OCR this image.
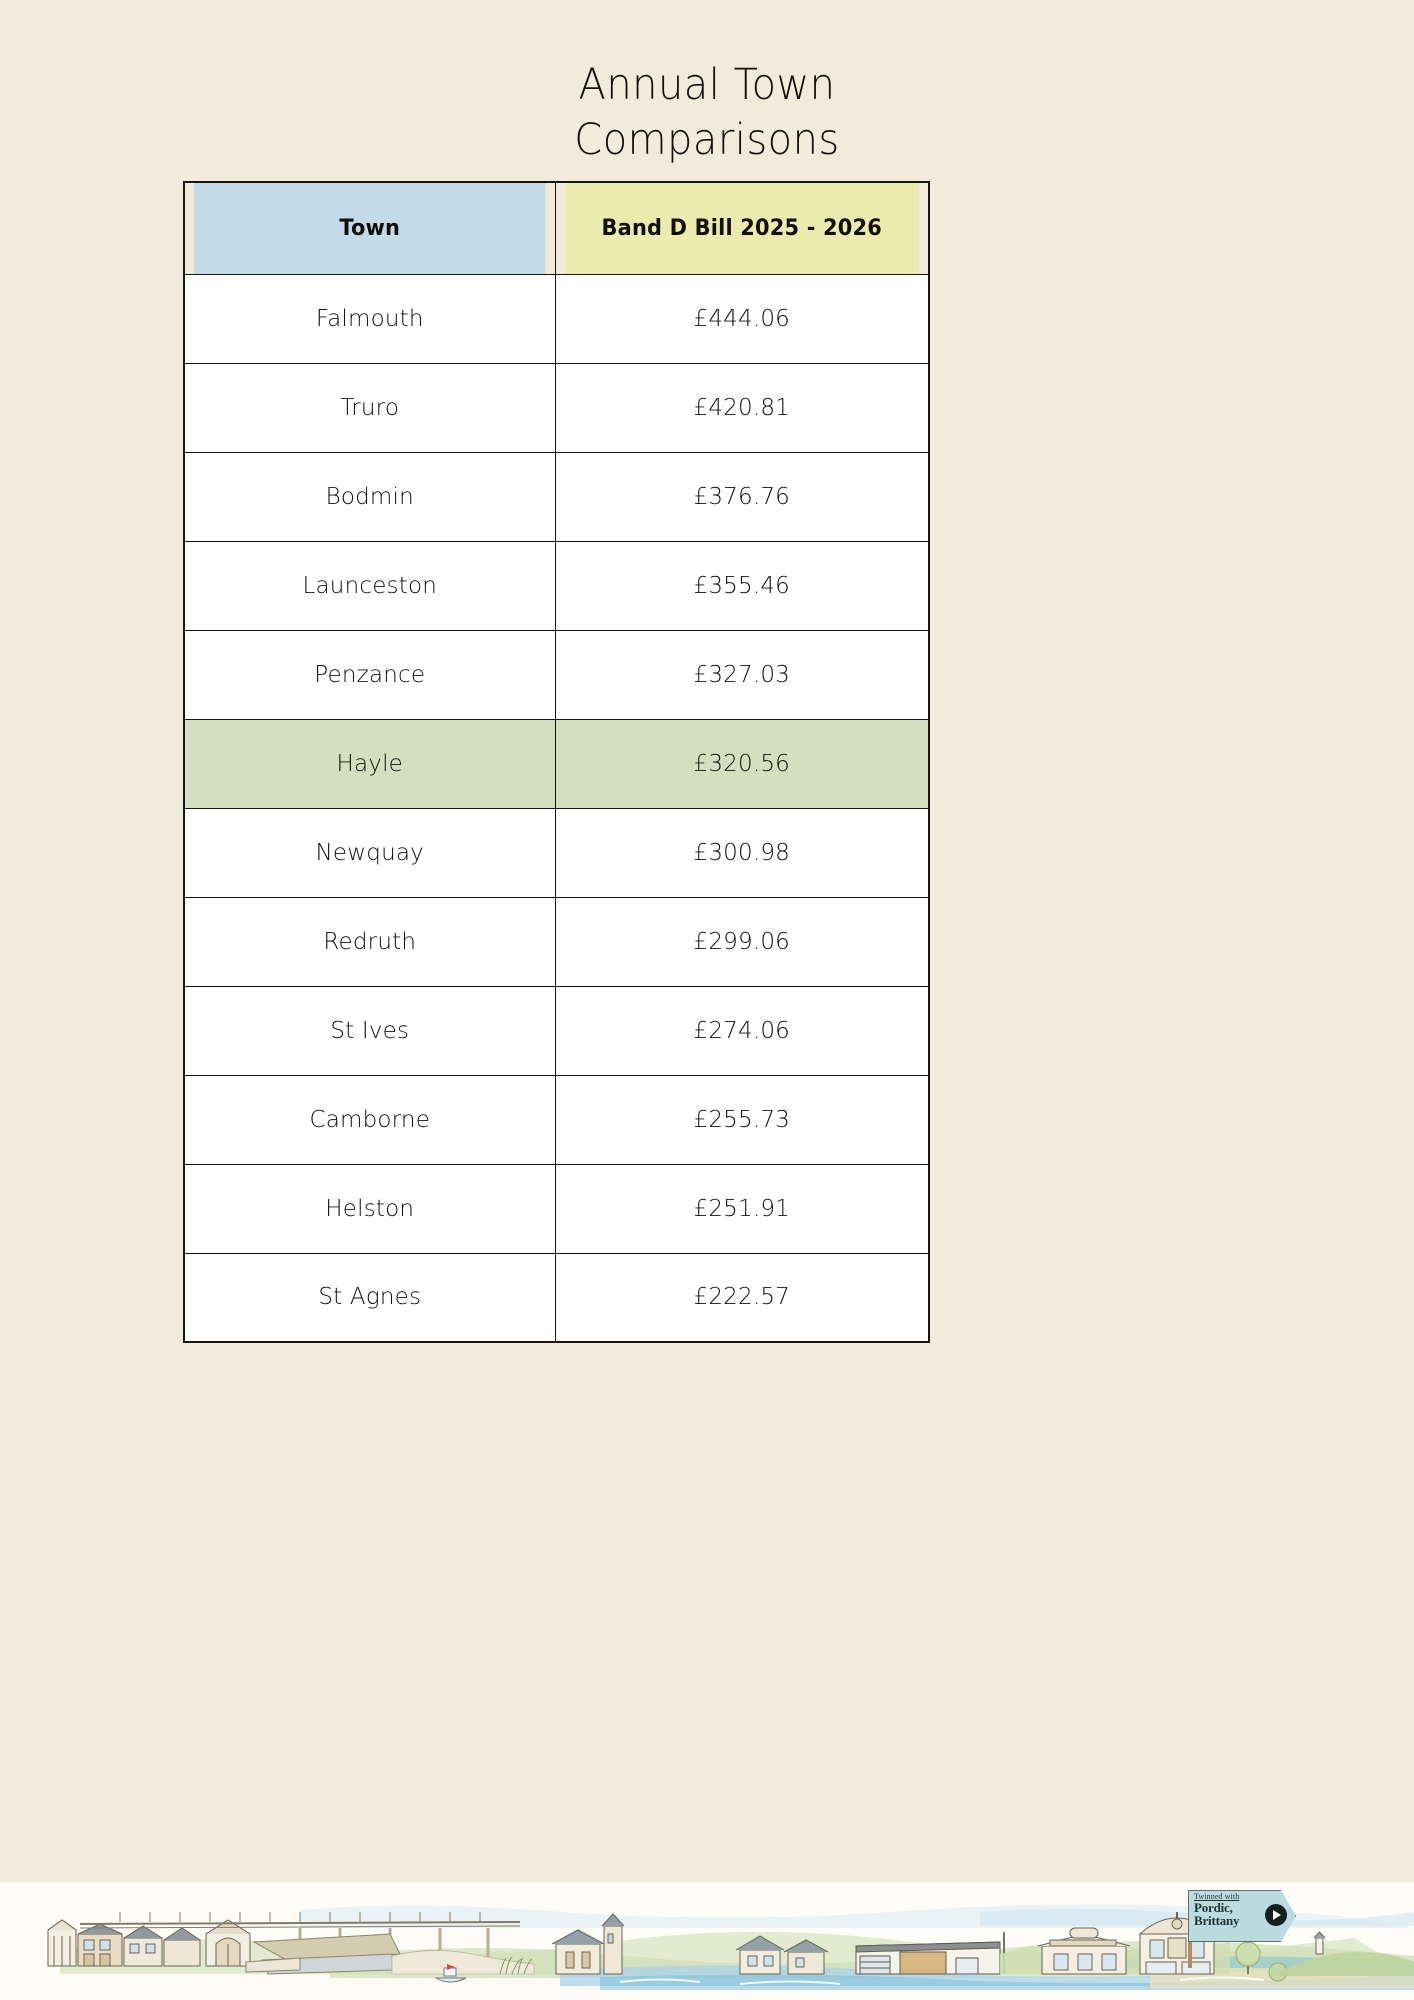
Annual Town
Comparisons
Town	Band D Bill 2025 - 2026
Falmouth	£444.06
Truro	£420.81
Bodmin	£376.76
Launceston	£355.46
Penzance	£327.03
Hayle	£320.56
Newquay	£300.98
Redruth	£299.06
St Ives	£274.06
Camborne	£255.73
Helston	£251.91
St Agnes	£222.57
Twinned with
Pordic,
Brittany
